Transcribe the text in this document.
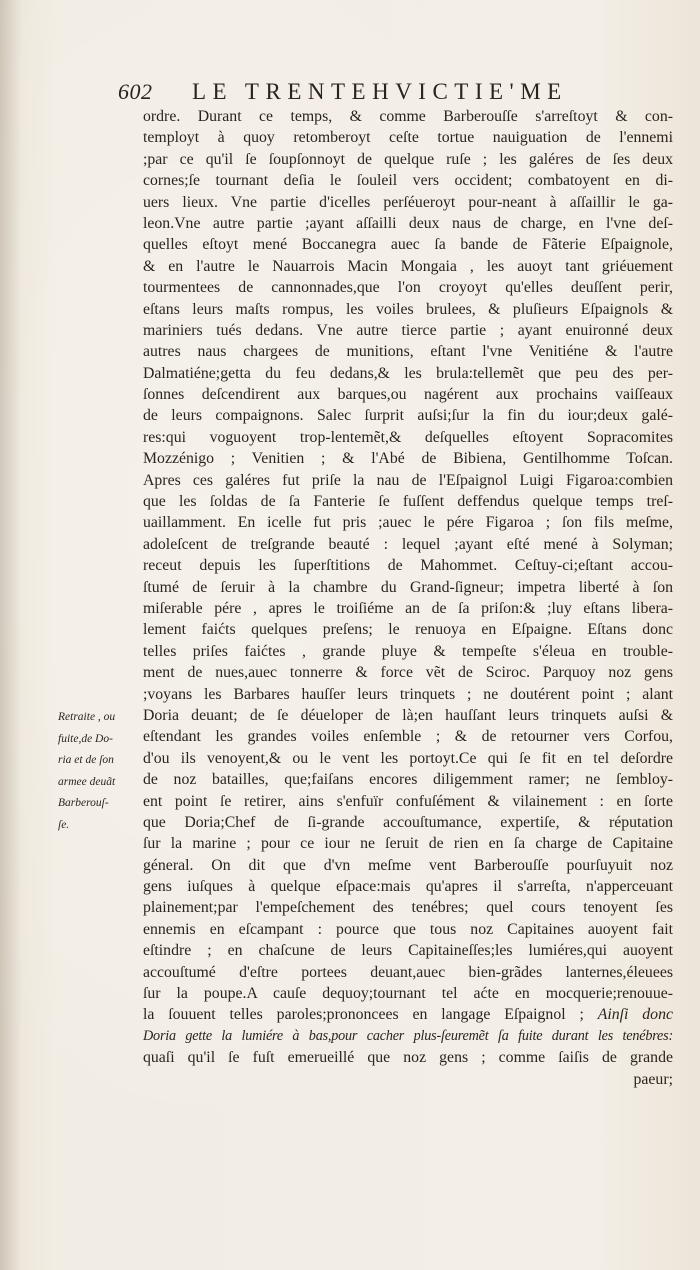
602 LE TRENTEHVICTIE'ME
ordre. Durant ce temps, & comme Barberouſſe s'arreſtoyt & con-
temployt à quoy retomberoyt ceſte tortue nauiguation de l'ennemi
;par ce qu'il ſe ſoupſonnoyt de quelque ruſe ; les galéres de ſes deux
cornes;ſe tournant deſia le ſouleil vers occident; combatoyent en di-
uers lieux. Vne partie d'icelles perſéueroyt pour-neant à aſſaillir le ga-
leon.Vne autre partie ;ayant aſſailli deux naus de charge, en l'vne deſ-
quelles eſtoyt mené Boccanegra auec ſa bande de Fãterie Eſpaignole,
& en l'autre le Nauarrois Macin Mongaia , les auoyt tant griéuement
tourmentees de cannonnades,que l'on croyoyt qu'elles deuſſent perir,
eſtans leurs maſts rompus, les voiles brulees, & pluſieurs Eſpaignols &
mariniers tués dedans. Vne autre tierce partie ; ayant enuironné deux
autres naus chargees de munitions, eſtant l'vne Venitiéne & l'autre
Dalmatiéne;getta du feu dedans,& les brula:tellemẽt que peu des per-
ſonnes deſcendirent aux barques,ou nagérent aux prochains vaiſſeaux
de leurs compaignons. Salec ſurprit auſsi;ſur la fin du iour;deux galé-
res:qui voguoyent trop-lentemẽt,& deſquelles eſtoyent Sopracomites
Mozzénigo ; Venitien ; & l'Abé de Bibiena, Gentilhomme Toſcan.
Apres ces galéres fut priſe la nau de l'Eſpaignol Luigi Figaroa:combien
que les ſoldas de ſa Fanterie ſe fuſſent deffendus quelque temps treſ-
uaillamment. En icelle fut pris ;auec le pére Figaroa ; ſon fils meſme,
adoleſcent de treſgrande beauté : lequel ;ayant eſté mené à Solyman;
receut depuis les ſuperſtitions de Mahommet. Ceſtuy-ci;eſtant accou-
ſtumé de ſeruir à la chambre du Grand-ſigneur; impetra liberté à ſon
miſerable pére , apres le troiſiéme an de ſa priſon:& ;luy eſtans libera-
lement faićts quelques preſens; le renuoya en Eſpaigne. Eſtans donc
telles priſes faićtes , grande pluye & tempeſte s'éleua en trouble-
ment de nues,auec tonnerre & force vẽt de Sciroc. Parquoy noz gens
;voyans les Barbares hauſſer leurs trinquets ; ne doutérent point ; alant
Doria deuant; de ſe déueloper de là;en hauſſant leurs trinquets auſsi &
eſtendant les grandes voiles enſemble ; & de retourner vers Corfou,
d'ou ils venoyent,& ou le vent les portoyt.Ce qui ſe fit en tel deſordre
de noz batailles, que;faiſans encores diligemment ramer; ne ſembloy-
ent point ſe retirer, ains s'enfuïr confuſément & vilainement : en ſorte
que Doria;Chef de ſi-grande accouſtumance, expertiſe, & réputation
ſur la marine ; pour ce iour ne ſeruit de rien en ſa charge de Capitaine
géneral. On dit que d'vn meſme vent Barberouſſe pourſuyuit noz
gens iuſques à quelque eſpace:mais qu'apres il s'arreſta, n'apperceuant
plainement;par l'empeſchement des tenébres; quel cours tenoyent ſes
ennemis en eſcampant : pource que tous noz Capitaines auoyent fait
eſtindre ; en chaſcune de leurs Capitaineſſes;les lumiéres,qui auoyent
accouſtumé d'eſtre portees deuant,auec bien-grãdes lanternes,éleuees
ſur la poupe.A cauſe dequoy;tournant tel aćte en mocquerie;renouue-
la ſouuent telles paroles;prononcees en langage Eſpaignol ; Ainſi donc
Doria gette la lumiére à bas,pour cacher plus-ſeuremẽt ſa fuite durant les tenébres:
quaſi qu'il ſe fuſt emerueillé que noz gens ; comme ſaiſis de grande
paeur;
Retraite , ou
fuite,de Do-
ria et de ſon
armee deuãt
Barberouſ-
ſe.
